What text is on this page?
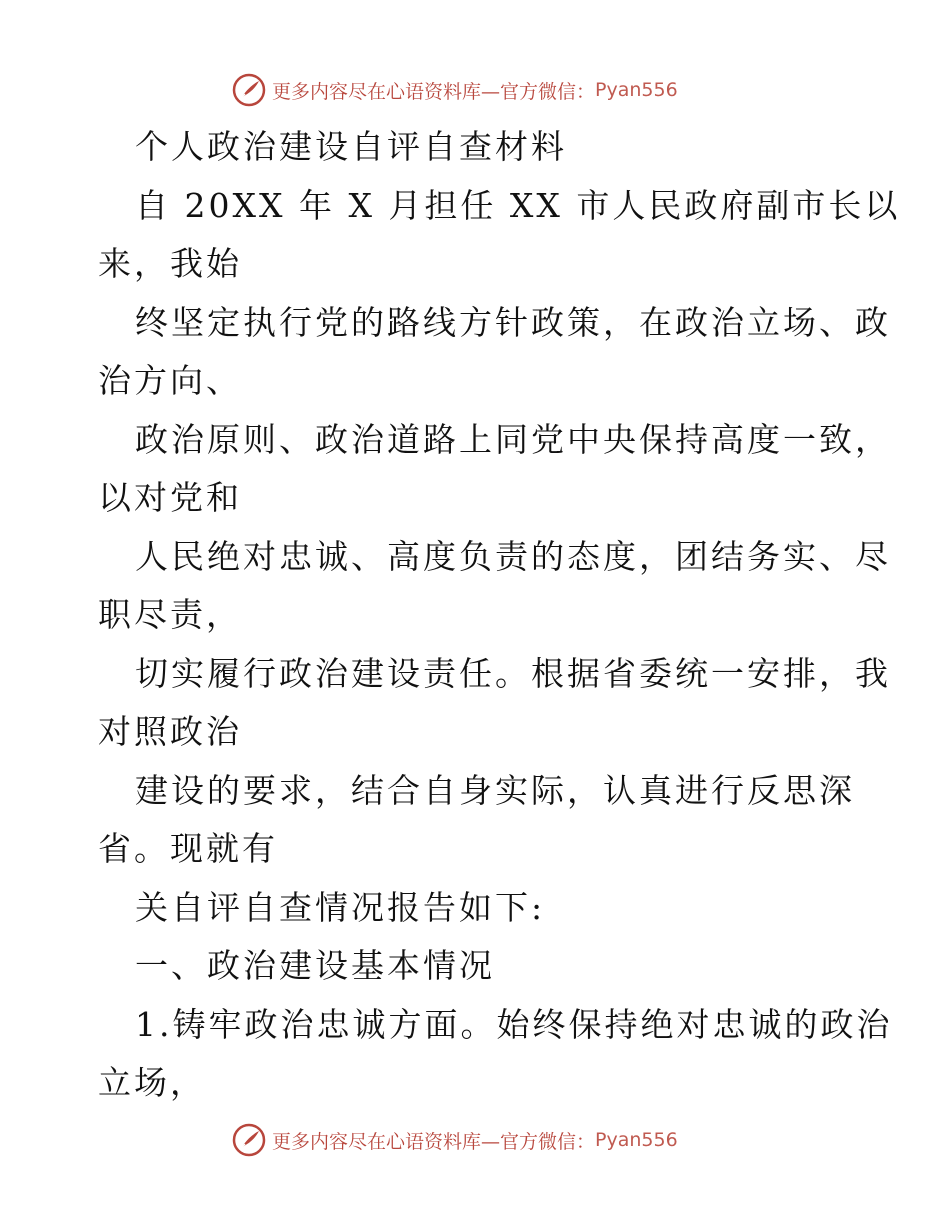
更多内容尽在心语资料库—官方微信： Pyan556
个人政治建设自评自查材料
自 20XX 年 X 月担任 XX 市人民政府副市长以
来，我始
终坚定执行党的路线方针政策，在政治立场、政
治方向、
政治原则、政治道路上同党中央保持高度一致，
以对党和
人民绝对忠诚、高度负责的态度，团结务实、尽
职尽责，
切实履行政治建设责任。根据省委统一安排，我
对照政治
建设的要求，结合自身实际，认真进行反思深
省。现就有
关自评自查情况报告如下:
一、政治建设基本情况
1.铸牢政治忠诚方面。始终保持绝对忠诚的政治
立场，
更多内容尽在心语资料库—官方微信： Pyan556
